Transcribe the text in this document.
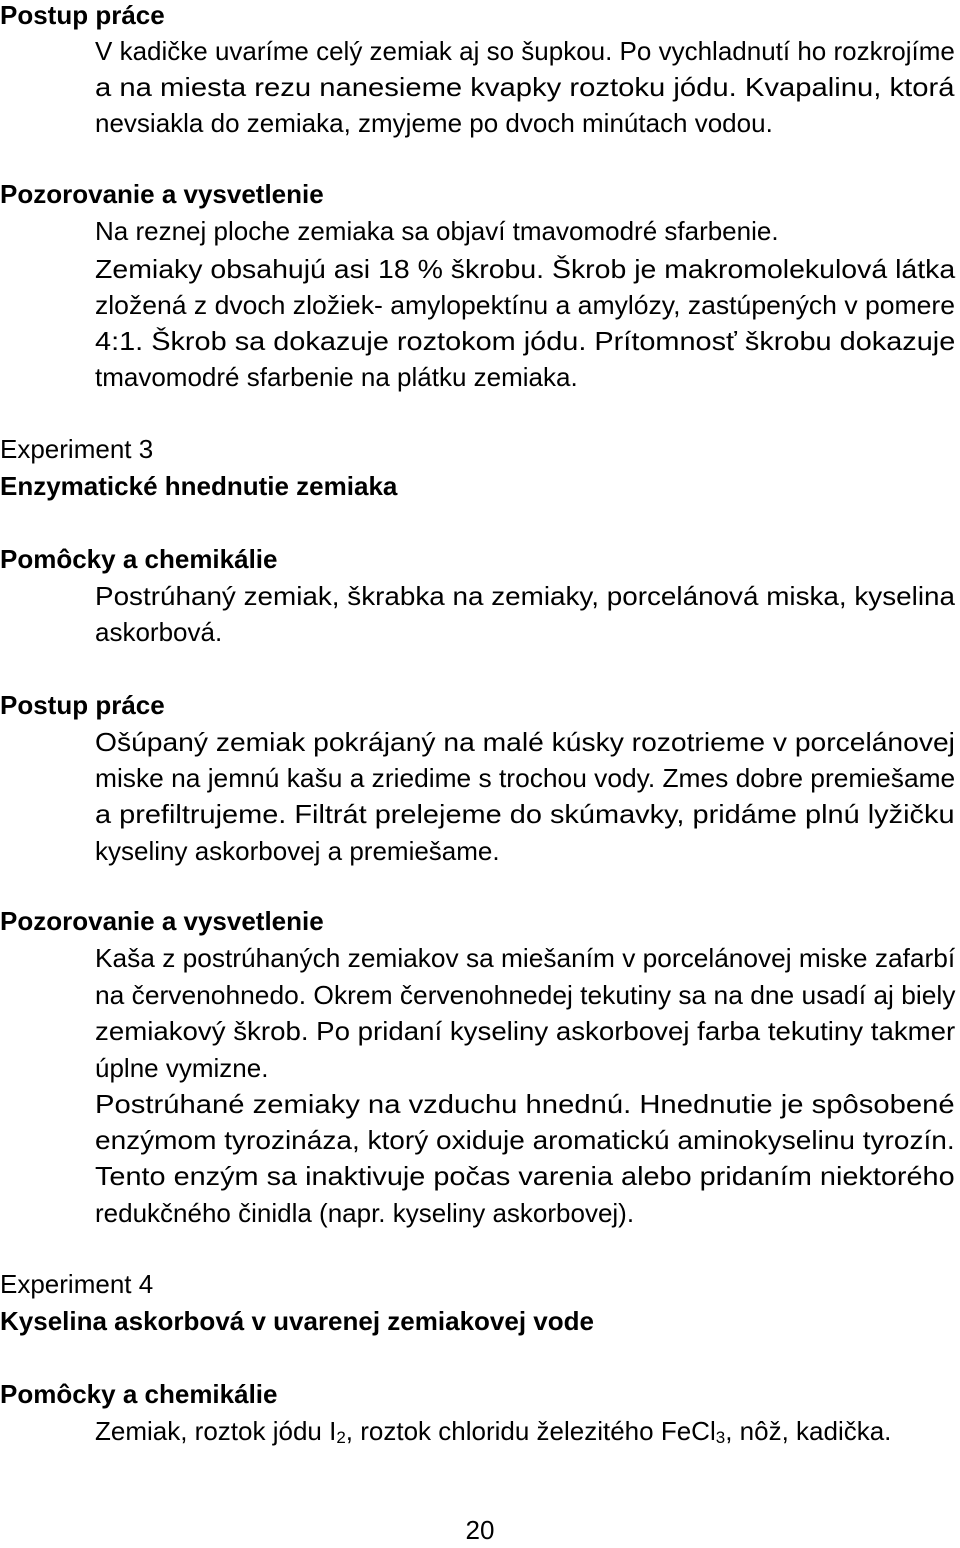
Postup práce
V kadičke uvaríme celý zemiak aj so šupkou. Po vychladnutí ho rozkrojíme
a na miesta rezu nanesieme kvapky roztoku jódu. Kvapalinu, ktorá
nevsiakla do zemiaka, zmyjeme po dvoch minútach vodou.
Pozorovanie a vysvetlenie
Na reznej ploche zemiaka sa objaví tmavomodré sfarbenie.
Zemiaky obsahujú asi 18 % škrobu. Škrob je makromolekulová látka
zložená z dvoch zložiek- amylopektínu a amylózy, zastúpených v pomere
4:1. Škrob sa dokazuje roztokom jódu. Prítomnosť škrobu dokazuje
tmavomodré sfarbenie na plátku zemiaka.
Experiment 3
Enzymatické hnednutie zemiaka
Pomôcky a chemikálie
Postrúhaný zemiak, škrabka na zemiaky, porcelánová miska, kyselina
askorbová.
Postup práce
Ošúpaný zemiak pokrájaný na malé kúsky rozotrieme v porcelánovej
miske na jemnú kašu a zriedime s trochou vody. Zmes dobre premiešame
a prefiltrujeme. Filtrát prelejeme do skúmavky, pridáme plnú lyžičku
kyseliny askorbovej a premiešame.
Pozorovanie a vysvetlenie
Kaša z postrúhaných zemiakov sa miešaním v porcelánovej miske zafarbí
na červenohnedo. Okrem červenohnedej tekutiny sa na dne usadí aj biely
zemiakový škrob. Po pridaní kyseliny askorbovej farba tekutiny takmer
úplne vymizne.
Postrúhané zemiaky na vzduchu hnednú. Hnednutie je spôsobené
enzýmom tyrozináza, ktorý oxiduje aromatickú aminokyselinu tyrozín.
Tento enzým sa inaktivuje počas varenia alebo pridaním niektorého
redukčného činidla (napr. kyseliny askorbovej).
Experiment 4
Kyselina askorbová v uvarenej zemiakovej vode
Pomôcky a chemikálie
Zemiak, roztok jódu $I_2$, roztok chloridu železitého FeCl$_3$, nôž, kadička.
20
